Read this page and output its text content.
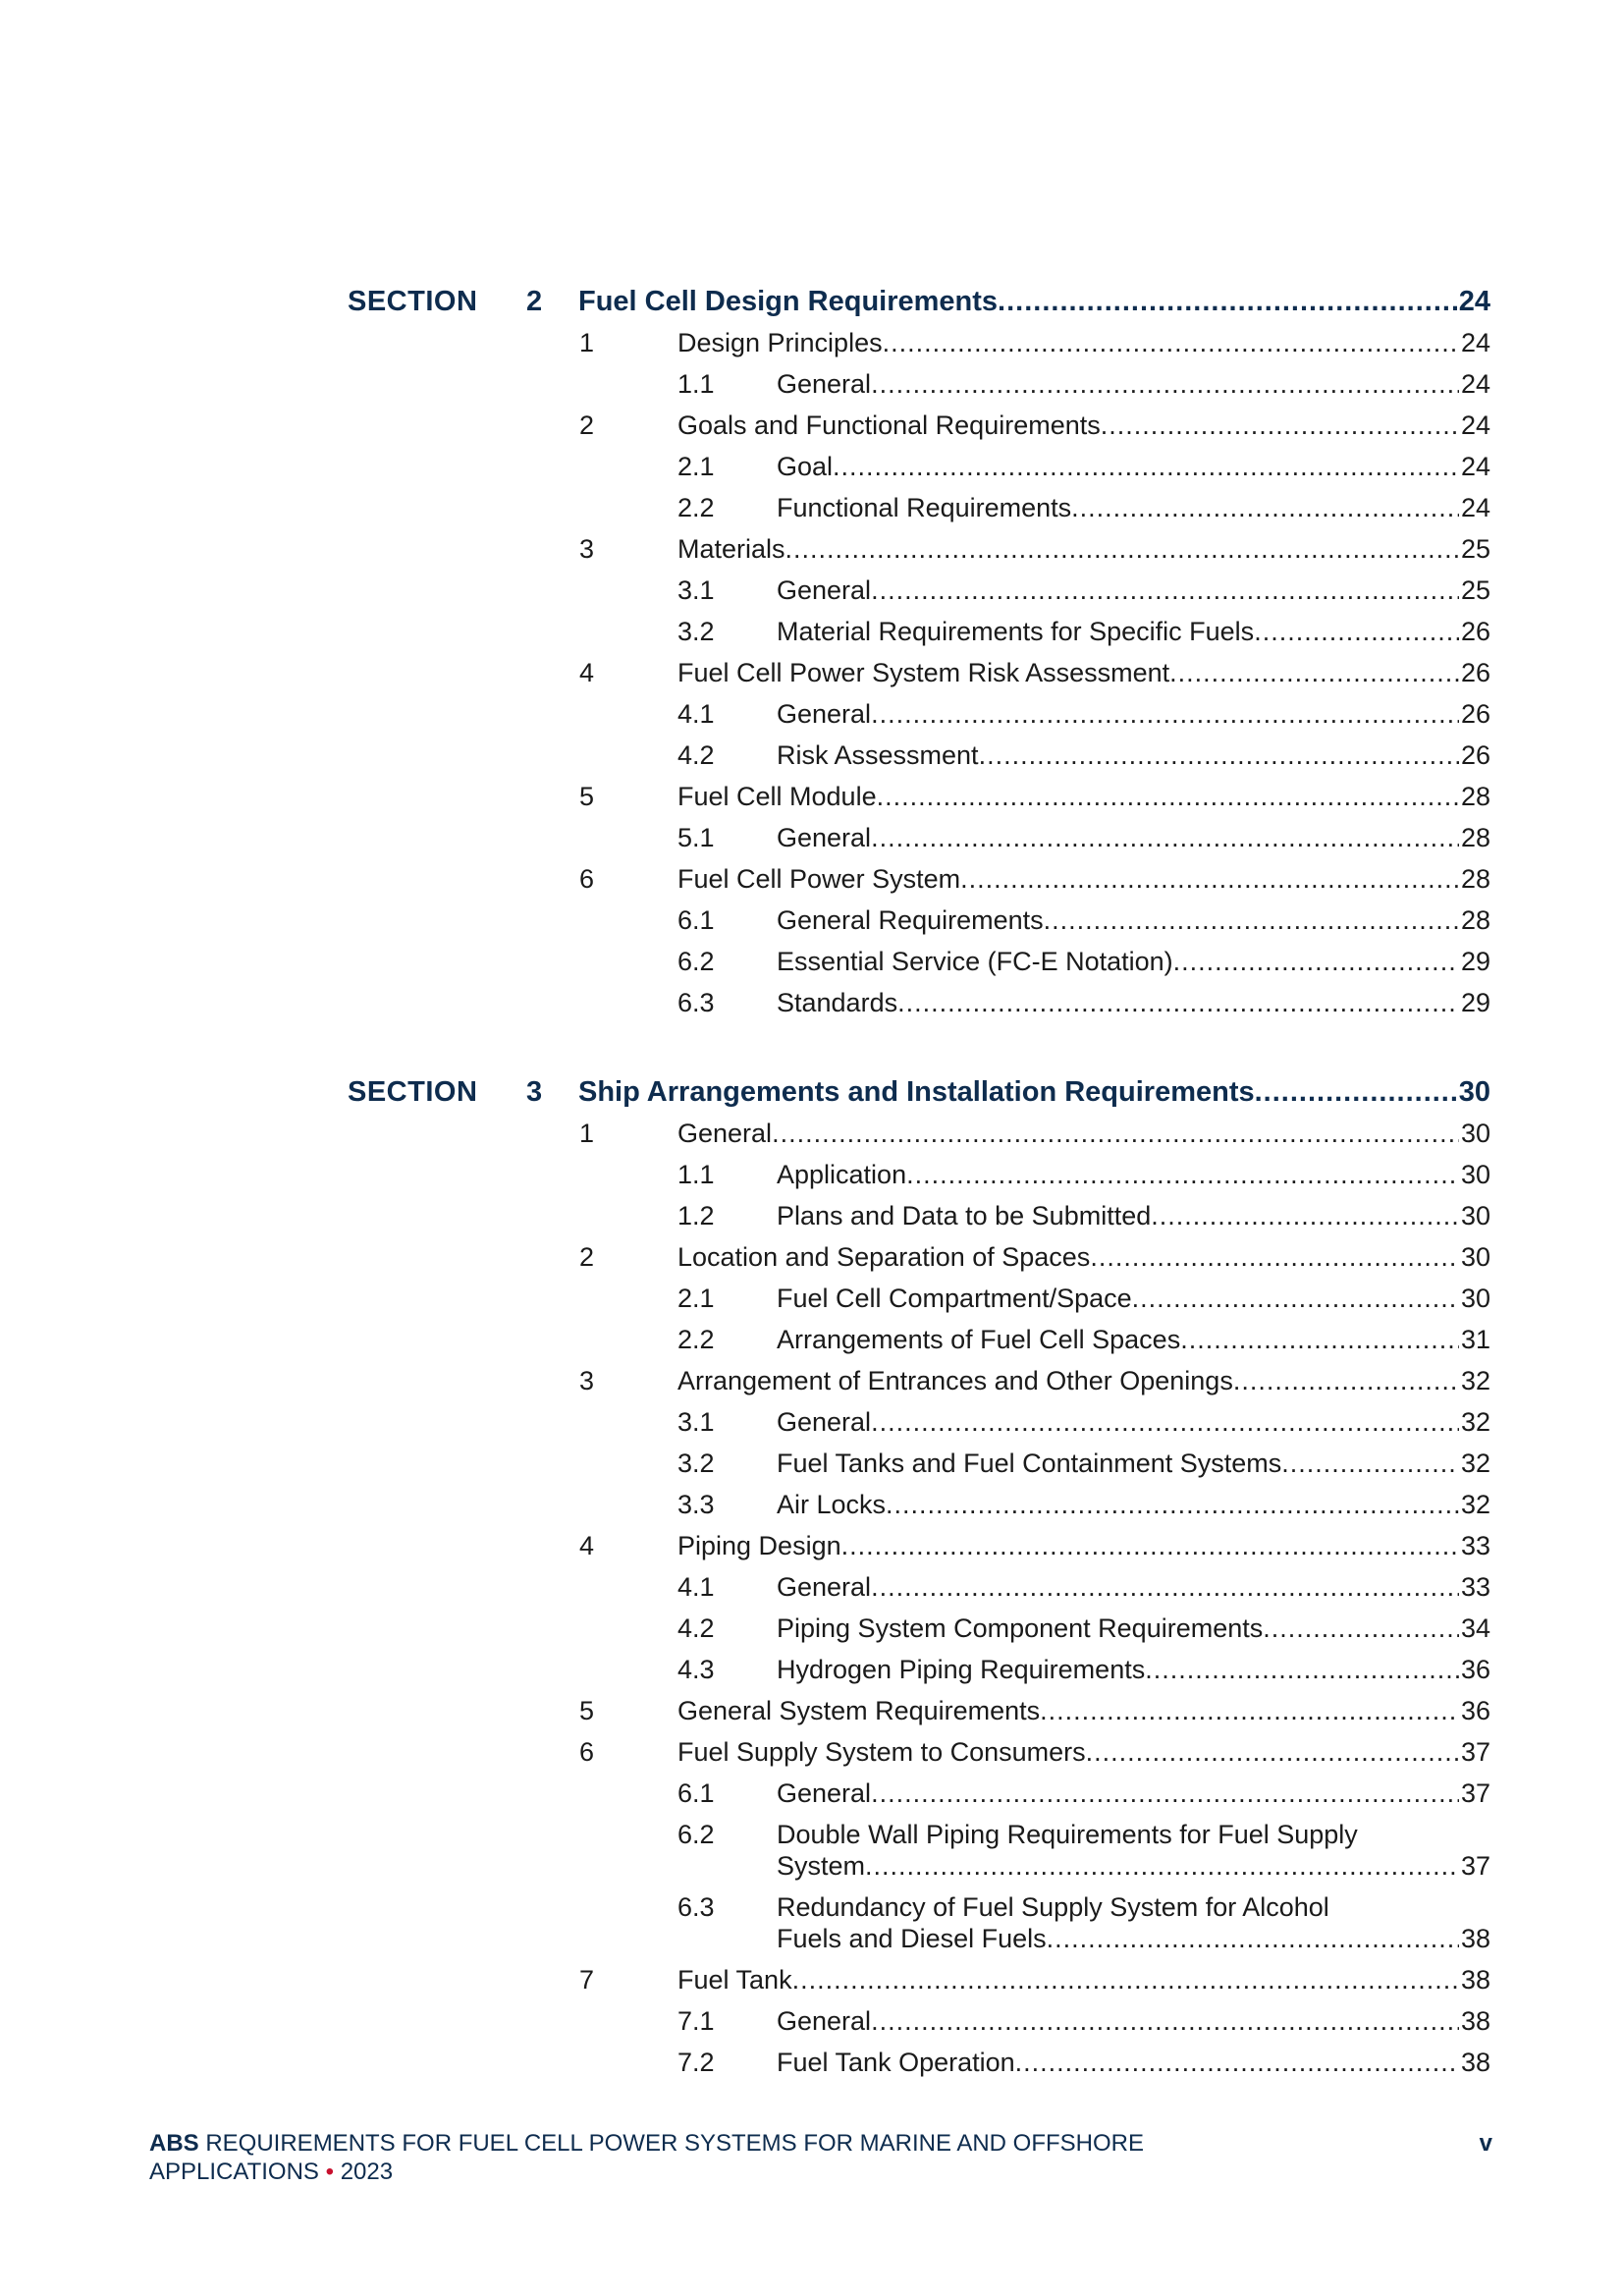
SECTION 2 Fuel Cell Design Requirements .....	24
1	Design Principles .....	24
1.1 General .....	24
2	Goals and Functional Requirements .....	24
2.1 Goal .....	24
2.2 Functional Requirements .....	24
3	Materials .....	25
3.1 General .....	25
3.2 Material Requirements for Specific Fuels .....	26
4	Fuel Cell Power System Risk Assessment .....	26
4.1 General .....	26
4.2 Risk Assessment .....	26
5	Fuel Cell Module .....	28
5.1 General .....	28
6	Fuel Cell Power System .....	28
6.1 General Requirements .....	28
6.2 Essential Service (FC-E Notation) .....	29
6.3 Standards .....	29
SECTION 3 Ship Arrangements and Installation Requirements .....	30
1	General .....	30
1.1 Application .....	30
1.2 Plans and Data to be Submitted .....	30
2	Location and Separation of Spaces .....	30
2.1 Fuel Cell Compartment/Space .....	30
2.2 Arrangements of Fuel Cell Spaces .....	31
3	Arrangement of Entrances and Other Openings .....	32
3.1 General .....	32
3.2 Fuel Tanks and Fuel Containment Systems .....	32
3.3 Air Locks .....	32
4	Piping Design .....	33
4.1 General .....	33
4.2 Piping System Component Requirements .....	34
4.3 Hydrogen Piping Requirements .....	36
5	General System Requirements .....	36
6	Fuel Supply System to Consumers .....	37
6.1 General .....	37
6.2 Double Wall Piping Requirements for Fuel Supply
System .....	37
6.3 Redundancy of Fuel Supply System for Alcohol
Fuels and Diesel Fuels .....	38
7	Fuel Tank .....	38
7.1 General .....	38
7.2 Fuel Tank Operation .....	38
ABS REQUIREMENTS FOR FUEL CELL POWER SYSTEMS FOR MARINE AND OFFSHORE
APPLICATIONS • 2023
v
